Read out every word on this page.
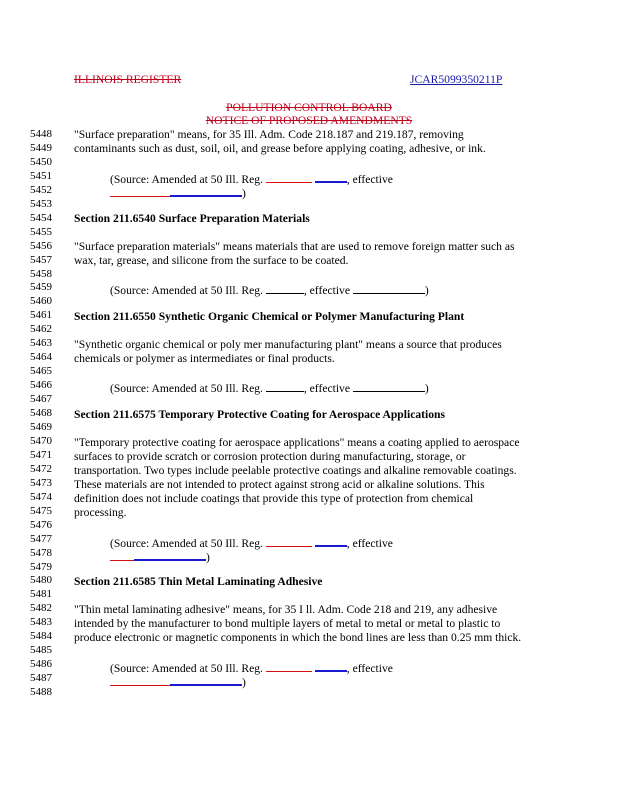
ILLINOIS REGISTER	JCAR5099350211P
POLLUTION CONTROL BOARD
NOTICE OF PROPOSED AMENDMENTS
5448
5449
5450
5451
5452
5453
5454
5455
5456
5457
5458
5459
5460
5461
5462
5463
5464
5465
5466
5467
5468
5469
5470
5471
5472
5473
5474
5475
5476
5477
5478
5479
5480
5481
5482
5483
5484
5485
5486
5487
5488
"Surface preparation" means, for 35 Ill. Adm. Code 218.187 and 219.187, removing
contaminants such as dust, soil, oil, and grease before applying coating, adhesive, or ink.
(Source: Amended at 50 Ill. Reg.	, effective
)
Section 211.6540 Surface Preparation Materials
"Surface preparation materials" means materials that are used to remove foreign matter such as
wax, tar, grease, and silicone from the surface to be coated.
(Source: Amended at 50 Ill. Reg.	, effective	)
Section 211.6550 Synthetic Organic Chemical or Polymer Manufacturing Plant
"Synthetic organic chemical or poly mer manufacturing plant" means a source that produces
chemicals or polymer as intermediates or final products.
(Source: Amended at 50 Ill. Reg.	, effective	)
Section 211.6575 Temporary Protective Coating for Aerospace Applications
"Temporary protective coating for aerospace applications" means a coating applied to aerospace
surfaces to provide scratch or corrosion protection during manufacturing, storage, or
transportation. Two types include peelable protective coatings and alkaline removable coatings.
These materials are not intended to protect against strong acid or alkaline solutions. This
definition does not include coatings that provide this type of protection from chemical
processing.
(Source: Amended at 50 Ill. Reg.	, effective
)
Section 211.6585 Thin Metal Laminating Adhesive
"Thin metal laminating adhesive" means, for 35 I ll. Adm. Code 218 and 219, any adhesive
intended by the manufacturer to bond multiple layers of metal to metal or metal to plastic to
produce electronic or magnetic components in which the bond lines are less than 0.25 mm thick.
(Source: Amended at 50 Ill. Reg.	, effective
)
